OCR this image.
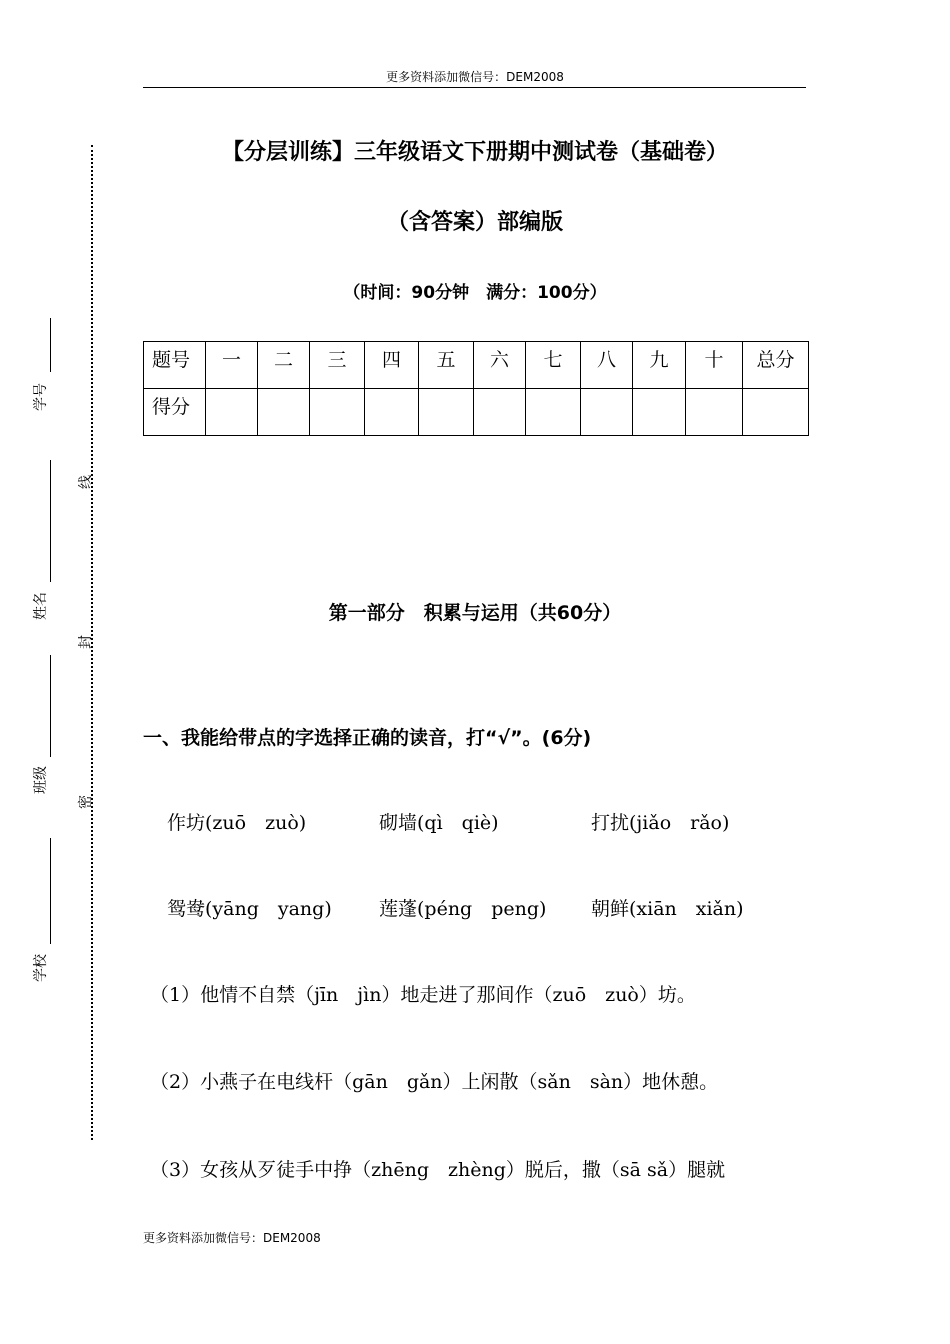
更多资料添加微信号：DEM2008
线
封
密
学号
姓名
班级
学校
【分层训练】三年级语文下册期中测试卷（基础卷）
（含答案）部编版
（时间：90分钟　满分：100分）
题号	一	二	三	四	五	六	七	八	九	十	总分
得分											
第一部分　积累与运用（共60分）
一、我能给带点的字选择正确的读音，打“√”。(6分)
作坊(zuō　zuò)	砌墙(qì　qiè)	打扰(jiǎo　rǎo)
鸳鸯(yāng　yang) 莲蓬(péng　peng) 朝鲜(xiān　xiǎn)
（1）他情不自禁（jīn　jìn）地走进了那间作（zuō　zuò）坊。
（2）小燕子在电线杆（gān　gǎn）上闲散（sǎn　sàn）地休憩。
（3）女孩从歹徒手中挣（zhēng　zhèng）脱后，撒（sā sǎ）腿就
更多资料添加微信号：DEM2008
